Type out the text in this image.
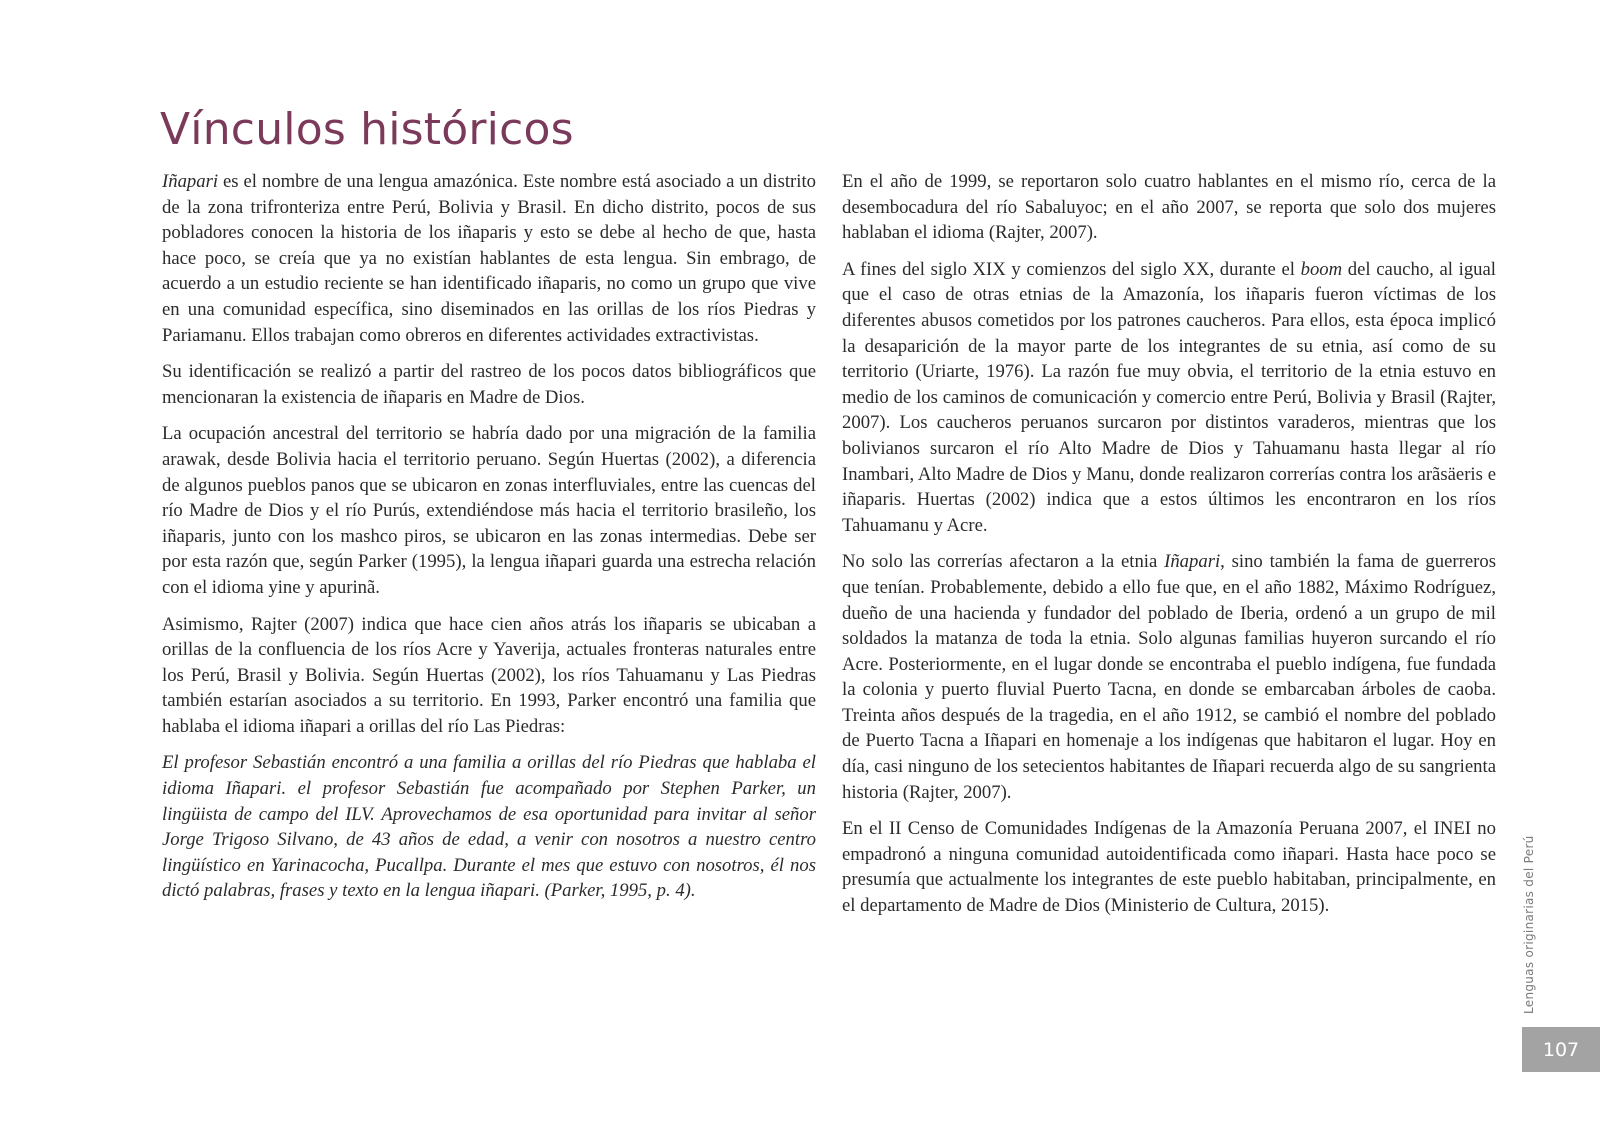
Vínculos históricos

Iñapari es el nombre de una lengua amazónica. Este nombre está asociado a un distrito de la zona trifronteriza entre Perú, Bolivia y Brasil. En dicho distrito, pocos de sus pobladores conocen la historia de los iñaparis y esto se debe al hecho de que, hasta hace poco, se creía que ya no existían hablantes de esta lengua. Sin embrago, de acuerdo a un estudio reciente se han identificado iñaparis, no como un grupo que vive en una comunidad específica, sino diseminados en las orillas de los ríos Piedras y Pariamanu. Ellos trabajan como obreros en diferentes actividades extractivistas.

Su identificación se realizó a partir del rastreo de los pocos datos bibliográficos que mencionaran la existencia de iñaparis en Madre de Dios.

La ocupación ancestral del territorio se habría dado por una migración de la familia arawak, desde Bolivia hacia el territorio peruano. Según Huertas (2002), a diferencia de algunos pueblos panos que se ubicaron en zonas interfluviales, entre las cuencas del río Madre de Dios y el río Purús, extendiéndose más hacia el territorio brasileño, los iñaparis, junto con los mashco piros, se ubicaron en las zonas intermedias. Debe ser por esta razón que, según Parker (1995), la lengua iñapari guarda una estrecha relación con el idioma yine y apurinã.

Asimismo, Rajter (2007) indica que hace cien años atrás los iñaparis se ubicaban a orillas de la confluencia de los ríos Acre y Yaverija, actuales fronteras naturales entre los Perú, Brasil y Bolivia. Según Huertas (2002), los ríos Tahuamanu y Las Piedras también estarían asociados a su territorio. En 1993, Parker encontró una familia que hablaba el idioma iñapari a orillas del río Las Piedras:

El profesor Sebastián encontró a una familia a orillas del río Piedras que hablaba el idioma Iñapari. el profesor Sebastián fue acompañado por Stephen Parker, un lingüista de campo del ILV. Aprovechamos de esa oportunidad para invitar al señor Jorge Trigoso Silvano, de 43 años de edad, a venir con nosotros a nuestro centro lingüístico en Yarinacocha, Pucallpa. Durante el mes que estuvo con nosotros, él nos dictó palabras, frases y texto en la lengua iñapari. (Parker, 1995, p. 4).

En el año de 1999, se reportaron solo cuatro hablantes en el mismo río, cerca de la desembocadura del río Sabaluyoc; en el año 2007, se reporta que solo dos mujeres hablaban el idioma (Rajter, 2007).

A fines del siglo XIX y comienzos del siglo XX, durante el boom del caucho, al igual que el caso de otras etnias de la Amazonía, los iñaparis fueron víctimas de los diferentes abusos cometidos por los patrones caucheros. Para ellos, esta época implicó la desaparición de la mayor parte de los integrantes de su etnia, así como de su territorio (Uriarte, 1976). La razón fue muy obvia, el territorio de la etnia estuvo en medio de los caminos de comunicación y comercio entre Perú, Bolivia y Brasil (Rajter, 2007). Los caucheros peruanos surcaron por distintos varaderos, mientras que los bolivianos surcaron el río Alto Madre de Dios y Tahuamanu hasta llegar al río Inambari, Alto Madre de Dios y Manu, donde realizaron correrías contra los arãsäeris e iñaparis. Huertas (2002) indica que a estos últimos les encontraron en los ríos Tahuamanu y Acre.

No solo las correrías afectaron a la etnia Iñapari, sino también la fama de guerreros que tenían. Probablemente, debido a ello fue que, en el año 1882, Máximo Rodríguez, dueño de una hacienda y fundador del poblado de Iberia, ordenó a un grupo de mil soldados la matanza de toda la etnia. Solo algunas familias huyeron surcando el río Acre. Posteriormente, en el lugar donde se encontraba el pueblo indígena, fue fundada la colonia y puerto fluvial Puerto Tacna, en donde se embarcaban árboles de caoba. Treinta años después de la tragedia, en el año 1912, se cambió el nombre del poblado de Puerto Tacna a Iñapari en homenaje a los indígenas que habitaron el lugar. Hoy en día, casi ninguno de los setecientos habitantes de Iñapari recuerda algo de su sangrienta historia (Rajter, 2007).

En el II Censo de Comunidades Indígenas de la Amazonía Peruana 2007, el INEI no empadronó a ninguna comunidad autoidentificada como iñapari. Hasta hace poco se presumía que actualmente los integrantes de este pueblo habitaban, principalmente, en el departamento de Madre de Dios (Ministerio de Cultura, 2015).	Lenguas originarias del Perú
107
